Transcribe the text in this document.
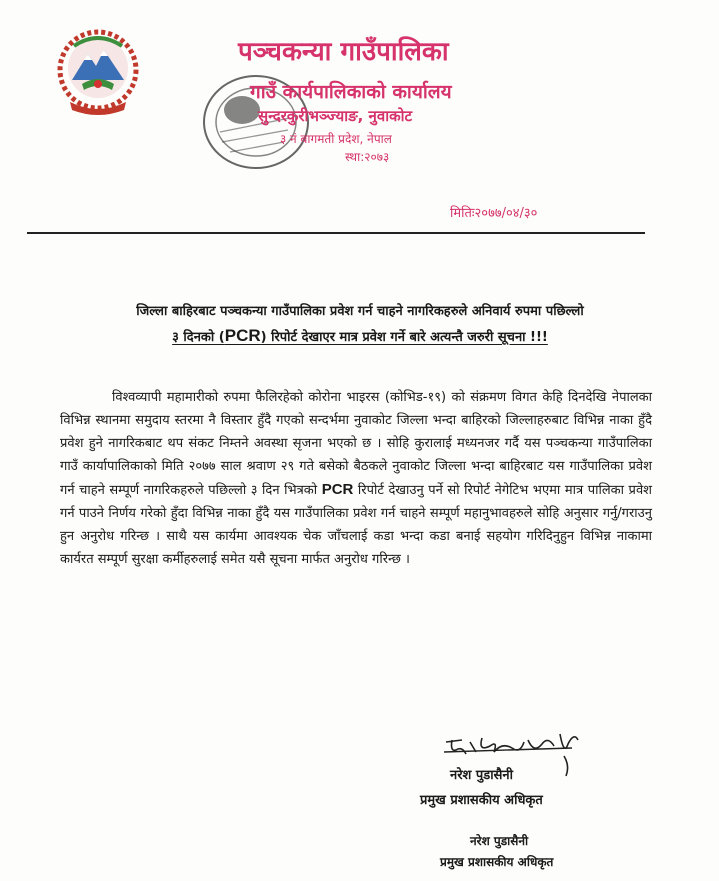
पञ्चकन्या गाउँपालिका
गाउँ कार्यपालिकाको कार्यालय
सुन्दरकुरीभञ्ज्याङ, नुवाकोट
३ नं बागमती प्रदेश, नेपाल
स्था:२०७३
मितिः२०७७/०४/३०
जिल्ला बाहिरबाट पञ्चकन्या गाउँपालिका प्रवेश गर्न चाहने नागरिकहरुले अनिवार्य रुपमा पछिल्लो
३ दिनको (PCR) रिपोर्ट देखाएर मात्र प्रवेश गर्ने बारे अत्यन्तै जरुरी सूचना !!!
विश्वव्यापी महामारीको रुपमा फैलिरहेको कोरोना भाइरस (कोभिड-१९) को संक्रमण विगत केहि दिनदेखि नेपालका विभिन्न स्थानमा समुदाय स्तरमा नै विस्तार हुँदै गएको सन्दर्भमा नुवाकोट जिल्ला भन्दा बाहिरको जिल्लाहरुबाट विभिन्न नाका हुँदै प्रवेश हुने नागरिकबाट थप संकट निम्तने अवस्था सृजना भएको छ । सोहि कुरालाई मध्यनजर गर्दै यस पञ्चकन्या गाउँपालिका गाउँ कार्यापालिकाको मिति २०७७ साल श्रवाण २९ गते बसेको बैठकले नुवाकोट जिल्ला भन्दा बाहिरबाट यस गाउँपालिका प्रवेश गर्न चाहने सम्पूर्ण नागरिकहरुले पछिल्लो ३ दिन भित्रको PCR रिपोर्ट देखाउनु पर्ने सो रिपोर्ट नेगेटिभ भएमा मात्र पालिका प्रवेश गर्न पाउने निर्णय गरेको हुँदा विभिन्न नाका हुँदै यस गाउँपालिका प्रवेश गर्न चाहने सम्पूर्ण महानुभावहरुले सोहि अनुसार गर्नु/गराउनु हुन अनुरोध गरिन्छ । साथै यस कार्यमा आवश्यक चेक जाँचलाई कडा भन्दा कडा बनाई सहयोग गरिदिनुहुन विभिन्न नाकामा कार्यरत सम्पूर्ण सुरक्षा कर्मीहरुलाई समेत यसै सूचना मार्फत अनुरोध गरिन्छ ।
नरेश पुडासैनी
प्रमुख प्रशासकीय अधिकृत
नरेश पुडासैनी
प्रमुख प्रशासकीय अधिकृत
